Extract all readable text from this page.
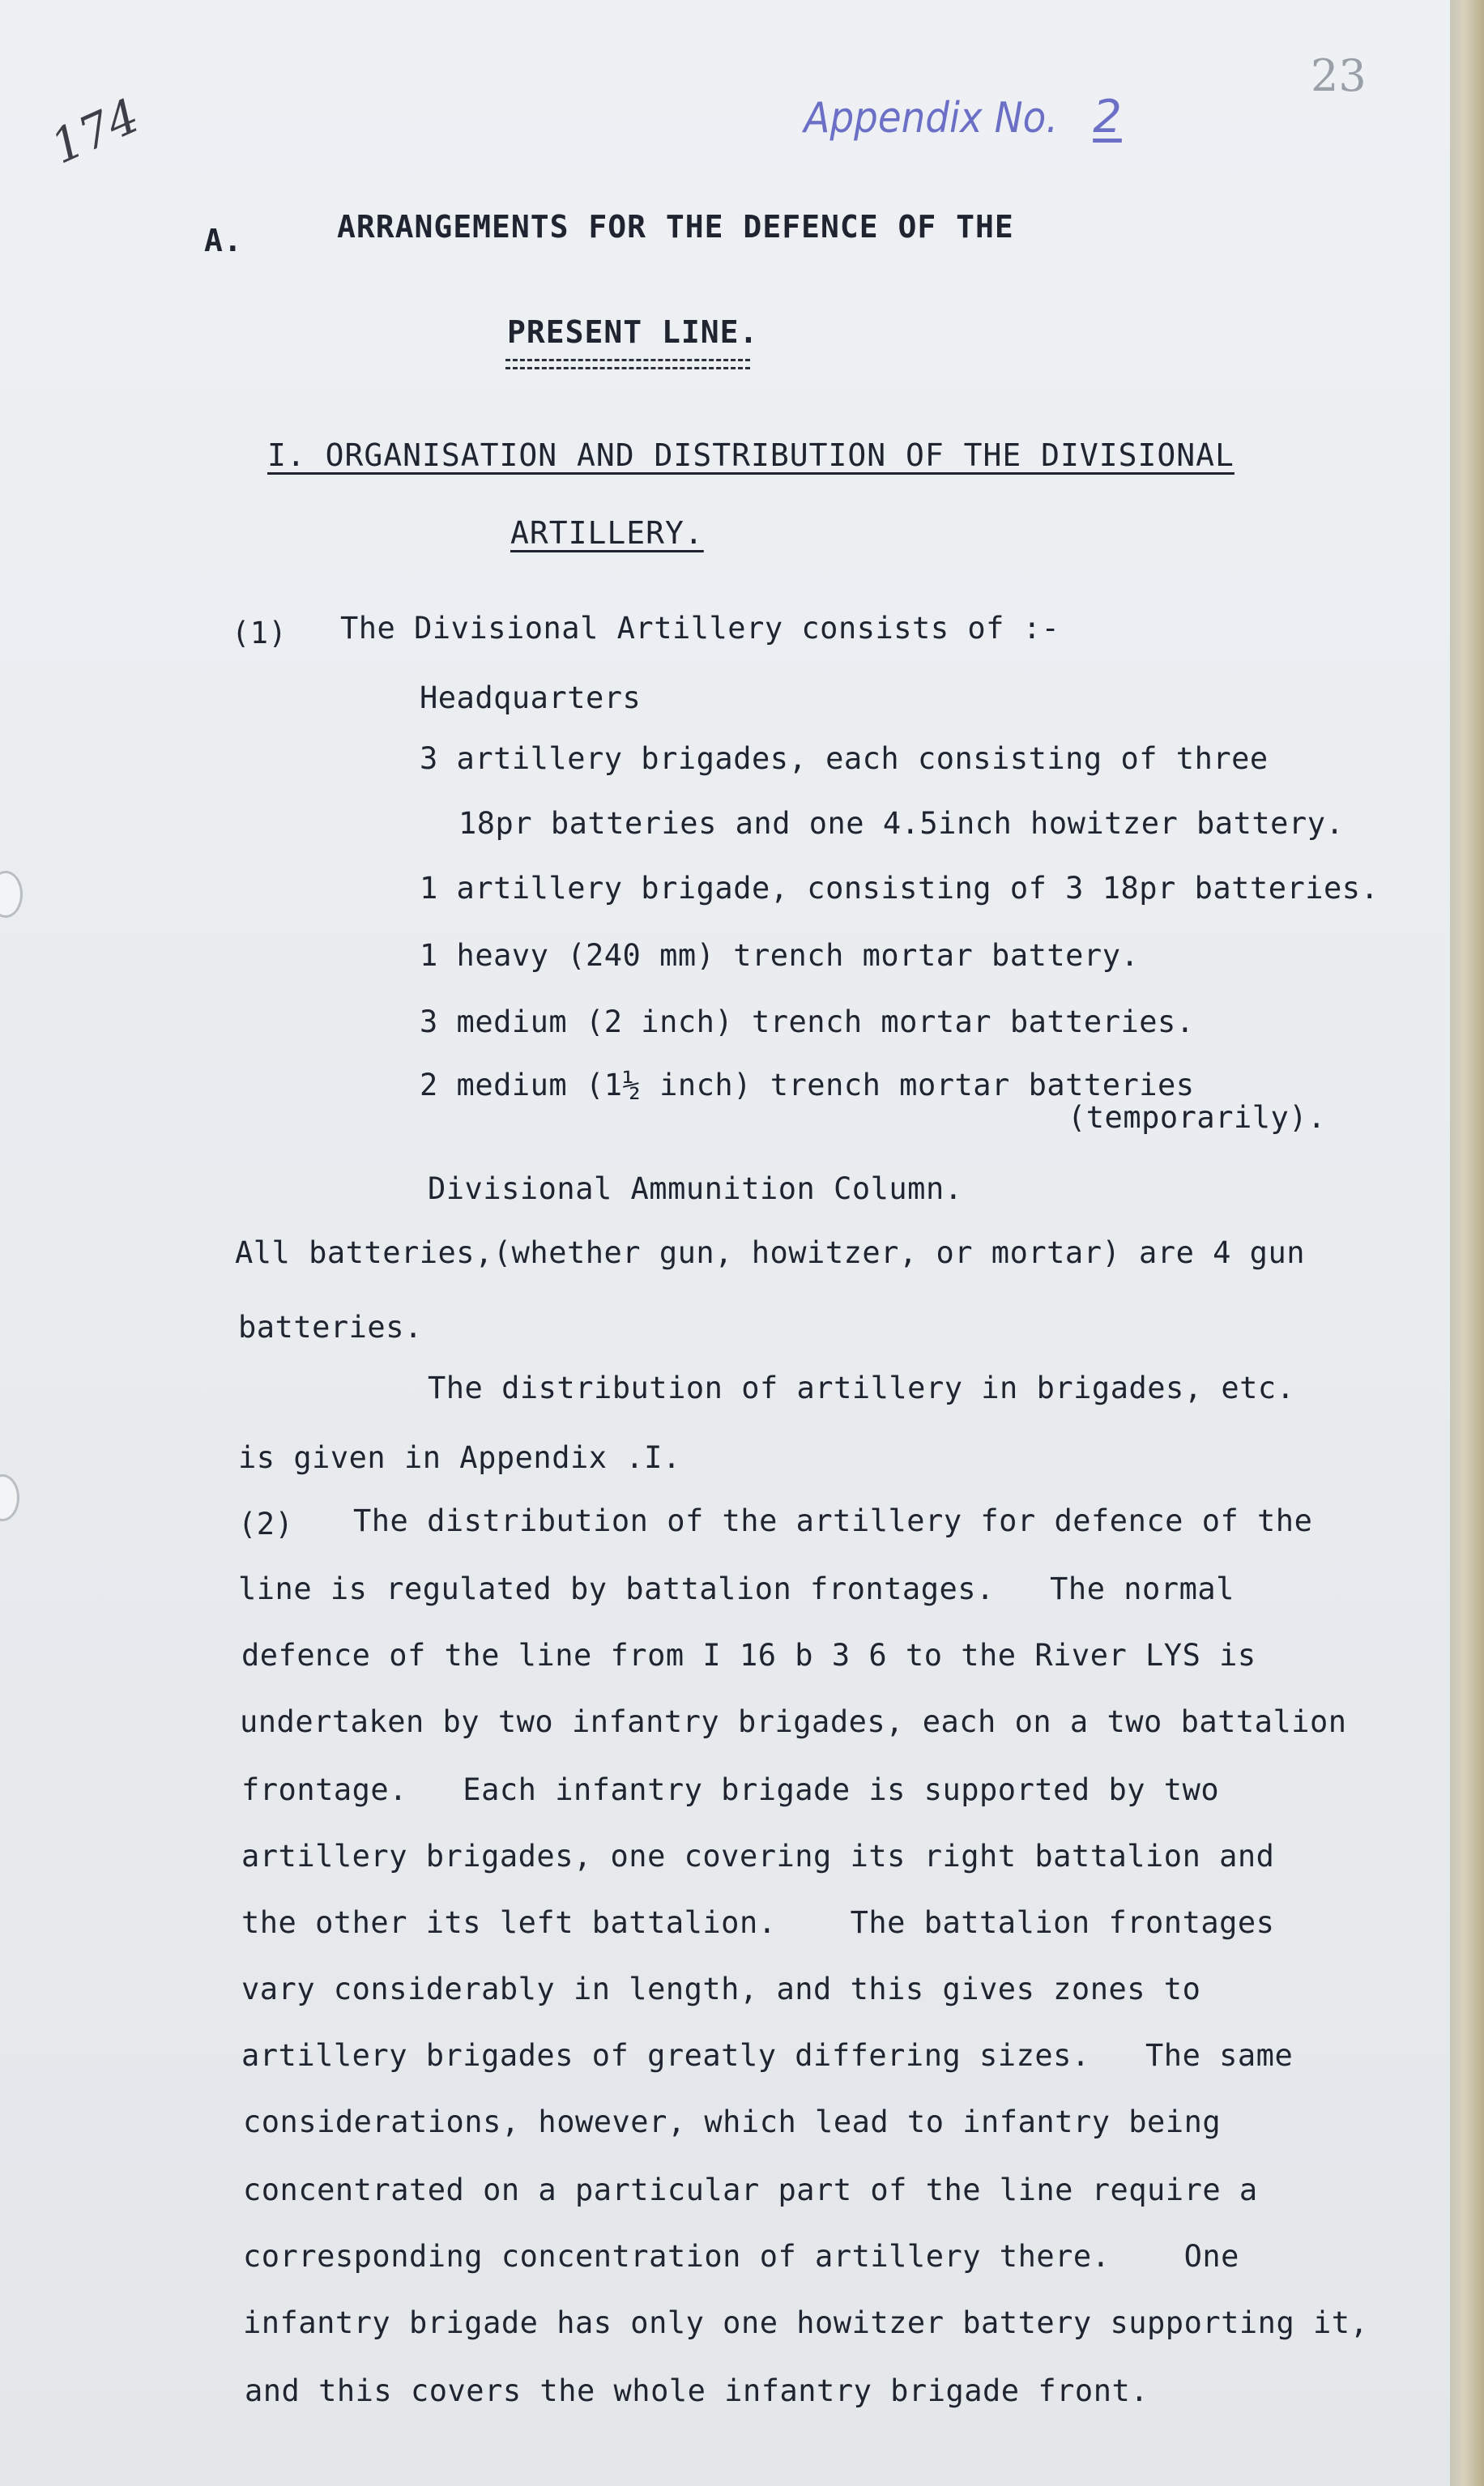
174
23
Appendix No. 2
A.	ARRANGEMENTS FOR THE DEFENCE OF THE
PRESENT LINE.
I. ORGANISATION AND DISTRIBUTION OF THE DIVISIONAL
ARTILLERY.
(1) The Divisional Artillery consists of :-
Headquarters
3 artillery brigades, each consisting of three
18pr batteries and one 4.5inch howitzer battery.
1 artillery brigade, consisting of 3 18pr batteries.
1 heavy (240 mm) trench mortar battery.
3 medium (2 inch) trench mortar batteries.
2 medium (1½ inch) trench mortar batteries
(temporarily).
Divisional Ammunition Column.
All batteries,(whether gun, howitzer, or mortar) are 4 gun
batteries.
The distribution of artillery in brigades, etc.
is given in Appendix .I.
(2) The distribution of the artillery for defence of the
line is regulated by battalion frontages.   The normal
defence of the line from I 16 b 3 6 to the River LYS is
undertaken by two infantry brigades, each on a two battalion
frontage.   Each infantry brigade is supported by two
artillery brigades, one covering its right battalion and
the other its left battalion.    The battalion frontages
vary considerably in length, and this gives zones to
artillery brigades of greatly differing sizes.   The same
considerations, however, which lead to infantry being
concentrated on a particular part of the line require a
corresponding concentration of artillery there.    One
infantry brigade has only one howitzer battery supporting it,
and this covers the whole infantry brigade front.
